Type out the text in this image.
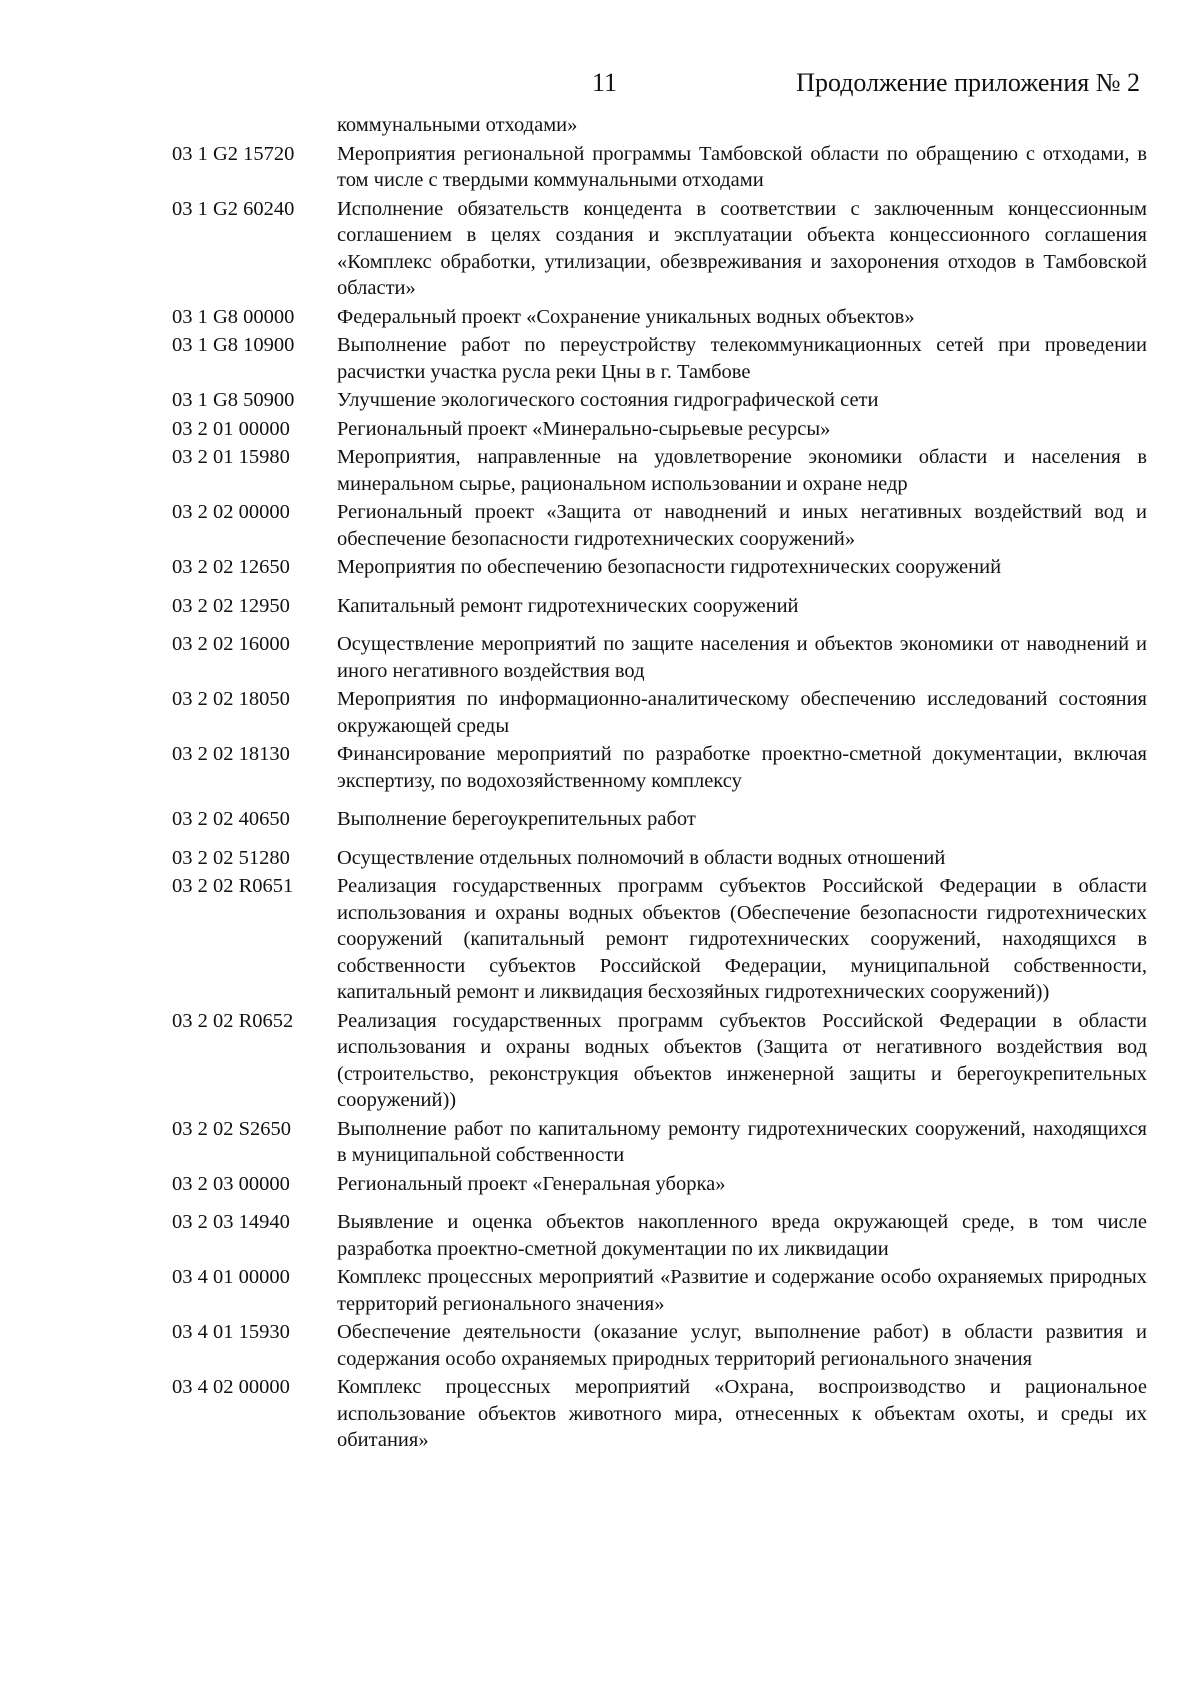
11	Продолжение приложения № 2
коммунальными отходами»
03 1 G2 15720	Мероприятия региональной программы Тамбовской области по обращению с отходами, в том числе с твердыми коммунальными отходами
03 1 G2 60240	Исполнение обязательств концедента в соответствии с заключенным концессионным соглашением в целях создания и эксплуатации объекта концессионного соглашения «Комплекс обработки, утилизации, обезвреживания и захоронения отходов в Тамбовской области»
03 1 G8 00000	Федеральный проект «Сохранение уникальных водных объектов»
03 1 G8 10900	Выполнение работ по переустройству телекоммуникационных сетей при проведении расчистки участка русла реки Цны в г. Тамбове
03 1 G8 50900	Улучшение экологического состояния гидрографической сети
03 2 01 00000	Региональный проект «Минерально-сырьевые ресурсы»
03 2 01 15980	Мероприятия, направленные на удовлетворение экономики области и населения в минеральном сырье, рациональном использовании и охране недр
03 2 02 00000	Региональный проект «Защита от наводнений и иных негативных воздействий вод и обеспечение безопасности гидротехнических сооружений»
03 2 02 12650	Мероприятия по обеспечению безопасности гидротехнических сооружений
03 2 02 12950	Капитальный ремонт гидротехнических сооружений
03 2 02 16000	Осуществление мероприятий по защите населения и объектов экономики от наводнений и иного негативного воздействия вод
03 2 02 18050	Мероприятия по информационно-аналитическому обеспечению исследований состояния окружающей среды
03 2 02 18130	Финансирование мероприятий по разработке проектно-сметной документации, включая экспертизу, по водохозяйственному комплексу
03 2 02 40650	Выполнение берегоукрепительных работ
03 2 02 51280	Осуществление отдельных полномочий в области водных отношений
03 2 02 R0651	Реализация государственных программ субъектов Российской Федерации в области использования и охраны водных объектов (Обеспечение безопасности гидротехнических сооружений (капитальный ремонт гидротехнических сооружений, находящихся в собственности субъектов Российской Федерации, муниципальной собственности, капитальный ремонт и ликвидация бесхозяйных гидротехнических сооружений))
03 2 02 R0652	Реализация государственных программ субъектов Российской Федерации в области использования и охраны водных объектов (Защита от негативного воздействия вод (строительство, реконструкция объектов инженерной защиты и берегоукрепительных сооружений))
03 2 02 S2650	Выполнение работ по капитальному ремонту гидротехнических сооружений, находящихся в муниципальной собственности
03 2 03 00000	Региональный проект «Генеральная уборка»
03 2 03 14940	Выявление и оценка объектов накопленного вреда окружающей среде, в том числе разработка проектно-сметной документации по их ликвидации
03 4 01 00000	Комплекс процессных мероприятий «Развитие и содержание особо охраняемых природных территорий регионального значения»
03 4 01 15930	Обеспечение деятельности (оказание услуг, выполнение работ) в области развития и содержания особо охраняемых природных территорий регионального значения
03 4 02 00000	Комплекс процессных мероприятий «Охрана, воспроизводство и рациональное использование объектов животного мира, отнесенных к объектам охоты, и среды их обитания»
